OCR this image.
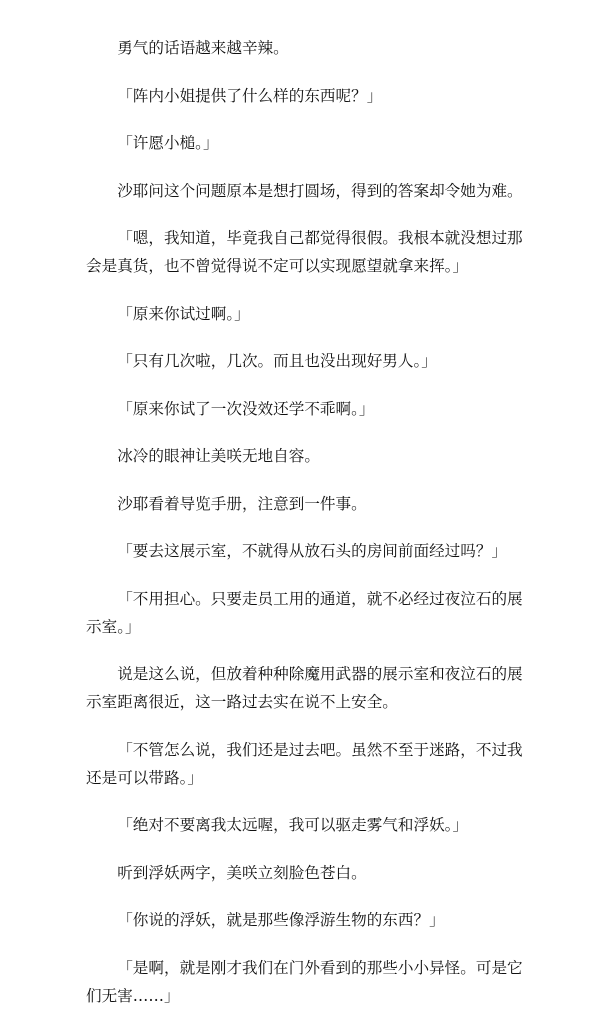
勇气的话语越来越辛辣。

「阵内小姐提供了什么样的东西呢？」

「许愿小槌。」

沙耶问这个问题原本是想打圆场，得到的答案却令她为难。

「嗯，我知道，毕竟我自己都觉得很假。我根本就没想过那会是真货，也不曾觉得说不定可以实现愿望就拿来挥。」

「原来你试过啊。」

「只有几次啦，几次。而且也没出现好男人。」

「原来你试了一次没效还学不乖啊。」

冰冷的眼神让美咲无地自容。

沙耶看着导览手册，注意到一件事。

「要去这展示室，不就得从放石头的房间前面经过吗？」

「不用担心。只要走员工用的通道，就不必经过夜泣石的展示室。」

说是这么说，但放着种种除魔用武器的展示室和夜泣石的展示室距离很近，这一路过去实在说不上安全。

「不管怎么说，我们还是过去吧。虽然不至于迷路，不过我还是可以带路。」

「绝对不要离我太远喔，我可以驱走雾气和浮妖。」

听到浮妖两字，美咲立刻脸色苍白。

「你说的浮妖，就是那些像浮游生物的东西？」

「是啊，就是刚才我们在门外看到的那些小小异怪。可是它们无害……」
